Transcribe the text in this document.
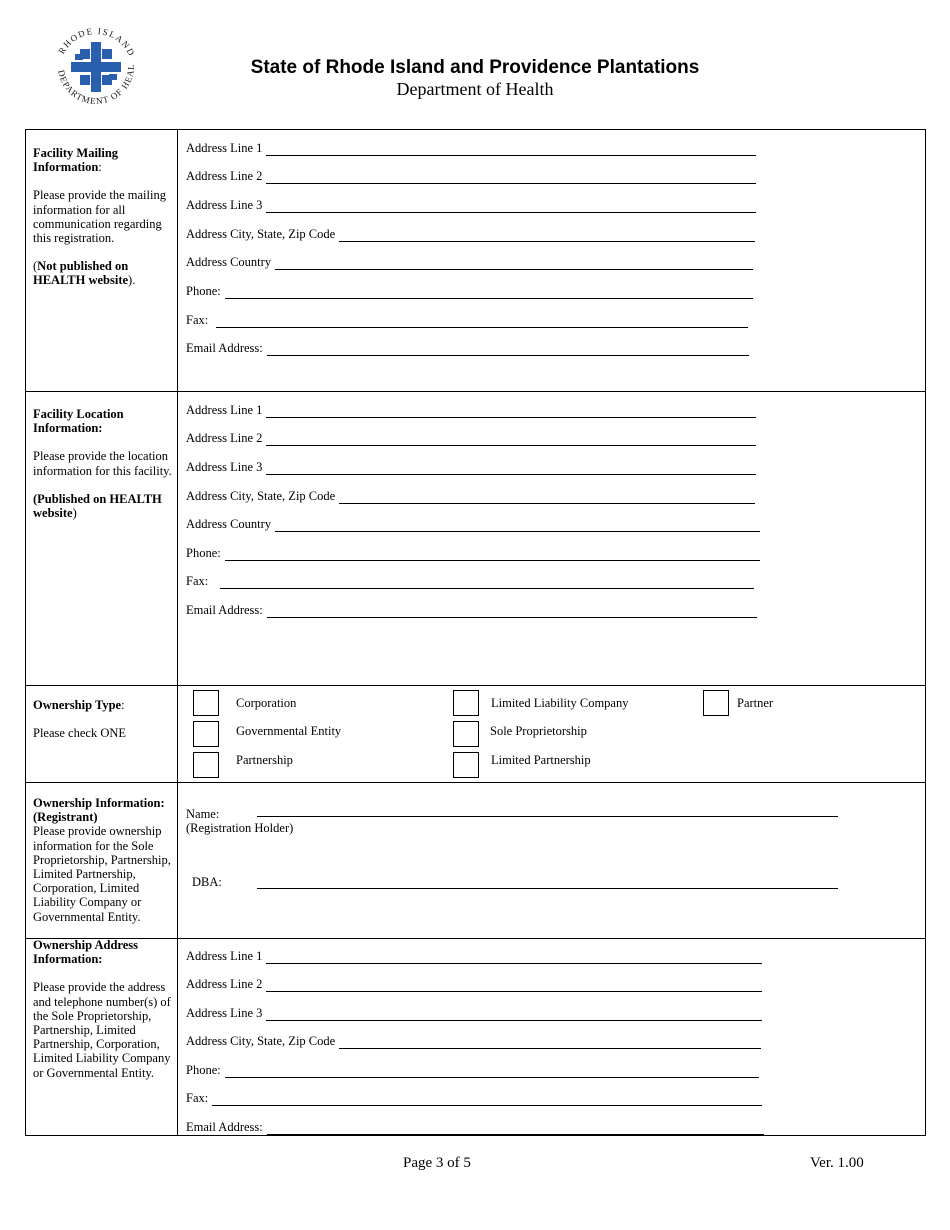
RHODE ISLAND
DEPARTMENT OF HEAL	State of Rhode Island and Providence Plantations
Department of Health

Facility Mailing Information:

Please provide the mailing information for all communication regarding this registration.

(Not published on HEALTH website).

Address Line 1
Address Line 2
Address Line 3
Address City, State, Zip Code
Address Country
Phone:
Fax:
Email Address:

Facility Location Information:

Please provide the location information for this facility.

(Published on HEALTH website)

Address Line 1
Address Line 2
Address Line 3
Address City, State, Zip Code
Address Country
Phone:
Fax:
Email Address:

Ownership Type:

Please check ONE

Corporation
Governmental Entity
Partnership
Limited Liability Company
Sole Proprietorship
Limited Partnership
Partner
Ownership Information: (Registrant)
Please provide ownership information for the Sole Proprietorship, Partnership, Limited Partnership, Corporation, Limited Liability Company or Governmental Entity.
Name:
(Registration Holder)
DBA:

Ownership Address Information:

Please provide the address and telephone number(s) of the Sole Proprietorship, Partnership, Limited Partnership, Corporation, Limited Liability Company or Governmental Entity.

Address Line 1
Address Line 2
Address Line 3
Address City, State, Zip Code
Phone:
Fax:
Email Address:
Page 3 of 5	Ver. 1.00
